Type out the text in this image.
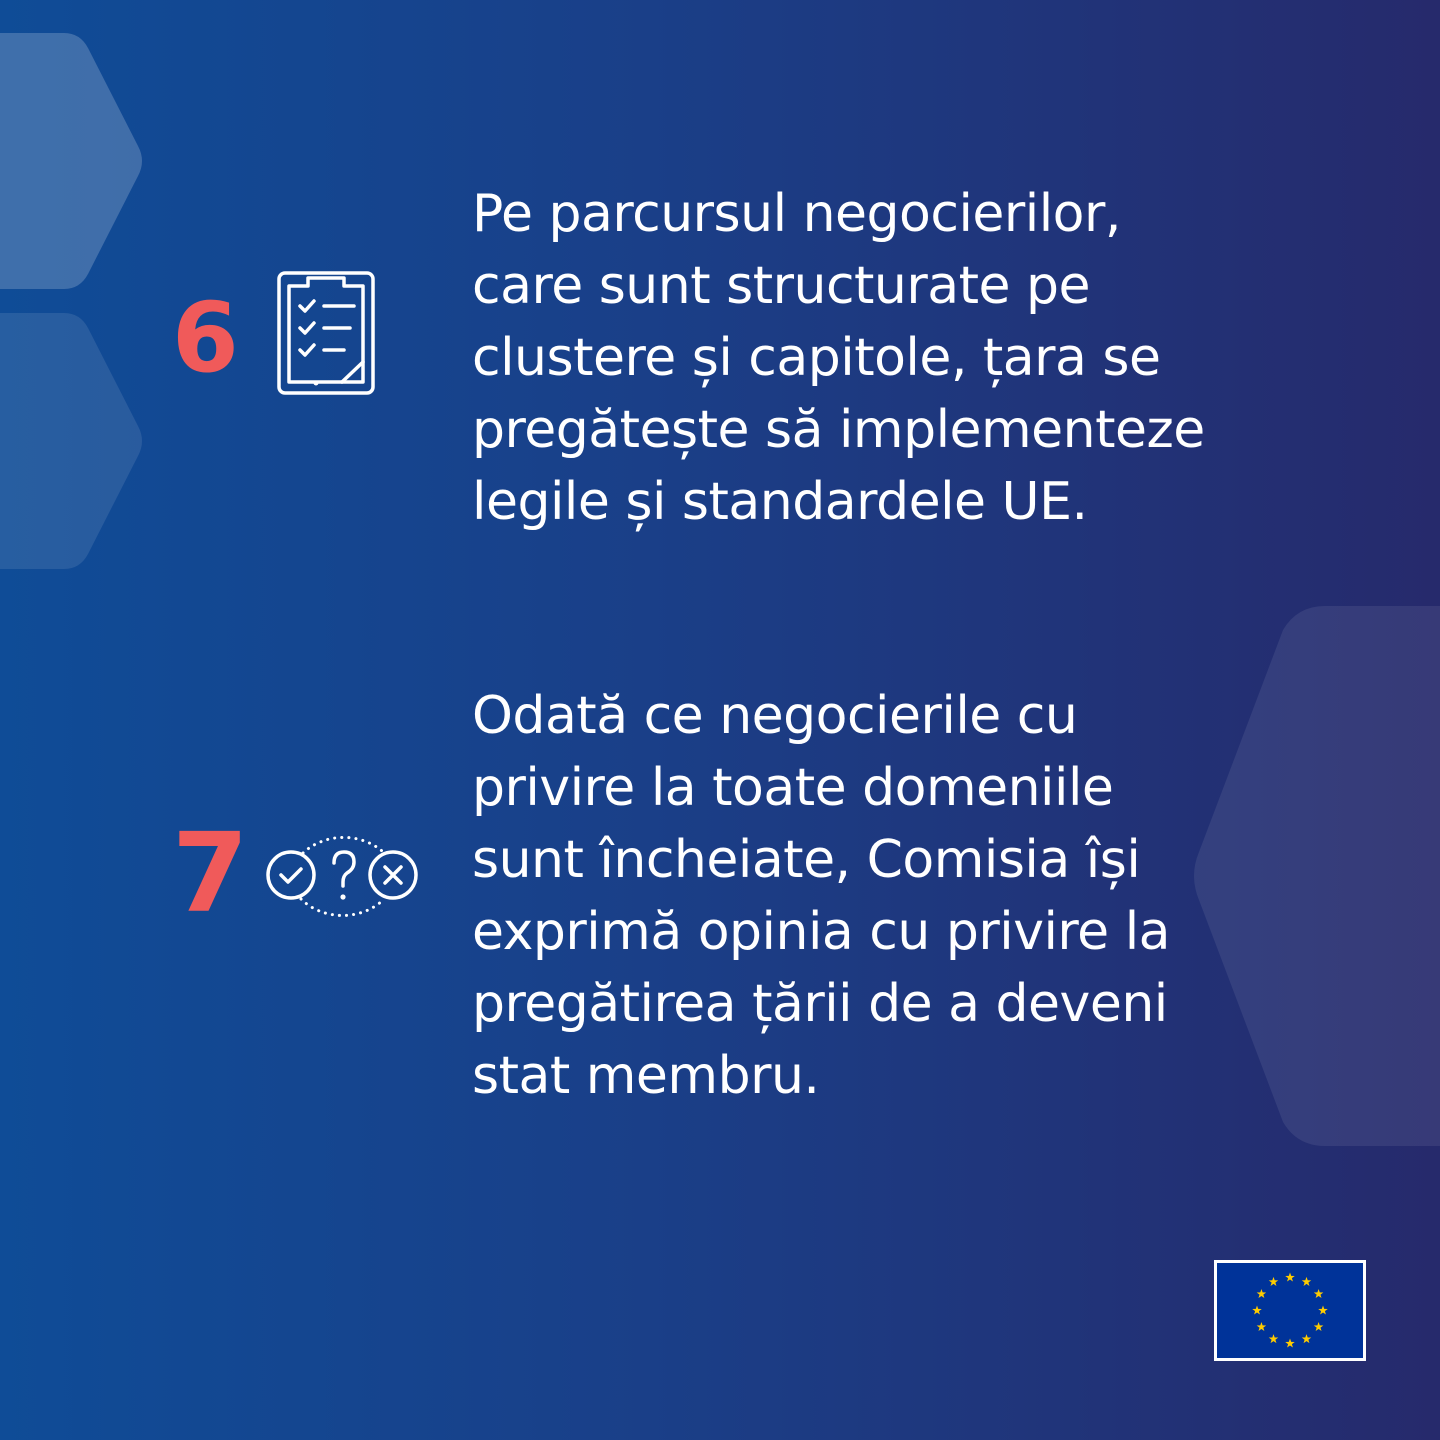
6
Pe parcursul negocierilor,
care sunt structurate pe
clustere și capitole, țara se
pregătește să implementeze
legile și standardele UE.
7
Odată ce negocierile cu
privire la toate domeniile
sunt încheiate, Comisia își
exprimă opinia cu privire la
pregătirea țării de a deveni
stat membru.
